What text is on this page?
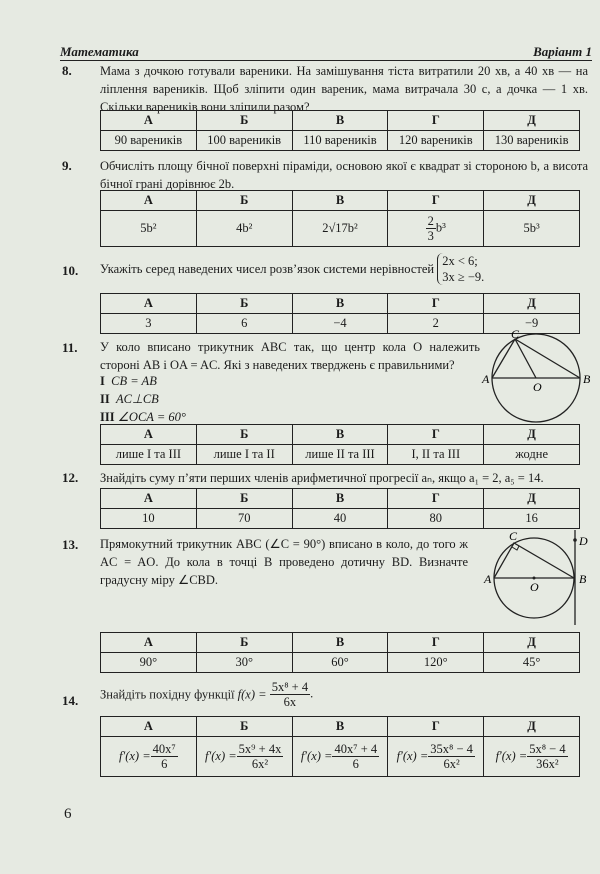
Математика	Варіант 1
8. Мама з дочкою готували вареники. На замішування тіста витратили 20 хв, а 40 хв — на ліплення вареників. Щоб зліпити один вареник, мама витрачала 30 с, а дочка — 1 хв. Скільки вареників вони зліпили разом?
А	Б	В	Г	Д
90 вареників	100 вареників	110 вареників	120 вареників	130 вареників
9. Обчисліть площу бічної поверхні піраміди, основою якої є квадрат зі стороною b, а висота бічної грані дорівнює 2b.
А	Б	В	Г	Д
5b²	4b²	2√17b²	$\frac{2}{3} b^3$	5b³
10. Укажіть серед наведених чисел розв’язок системи нерівностей 2x < 6;
3x ≥ −9.
А	Б	В	Г	Д
3	6	−4	2	−9
11. У коло вписано трикутник ABC так, що центр кола O належить стороні AB і OA = AC. Які з наведених тверджень є правильними?
I CB = AB
II AC⊥CB
III ∠OCA = 60°
C
A
O
B
А	Б	В	Г	Д
лише I та III	лише I та II	лише II та III	I, II та III	жодне
12. Знайдіть суму п’яти перших членів арифметичної прогресії aₙ, якщо a₁ = 2, a₅ = 14.
А	Б	В	Г	Д
10	70	40	80	16
13. Прямокутний трикутник ABC (∠C = 90°) вписано в коло, до того ж AC = AO. До кола в точці B проведено дотичну BD. Визначте градусну міру ∠CBD.
C	D
A
O
B
А	Б	В	Г	Д
90°	30°	60°	120°	45°
14. Знайдіть похідну функції $f(x) = \frac{\text{5x⁸ + 4}}{6x}$ .
А	Б	В	Г	Д
$f'(x) = \frac{\text{40x⁷}}{6}$	$f'(x) = \frac{\text{5x⁹ + 4x}}{\text{6x²}}$	$f'(x) = \frac{\text{40x⁷ + 4}}{6}$	$f'(x) = \frac{\text{35x⁸ − 4}}{\text{6x²}}$	$f'(x) = \frac{\text{5x⁸ − 4}}{\text{36x²}}$
6
